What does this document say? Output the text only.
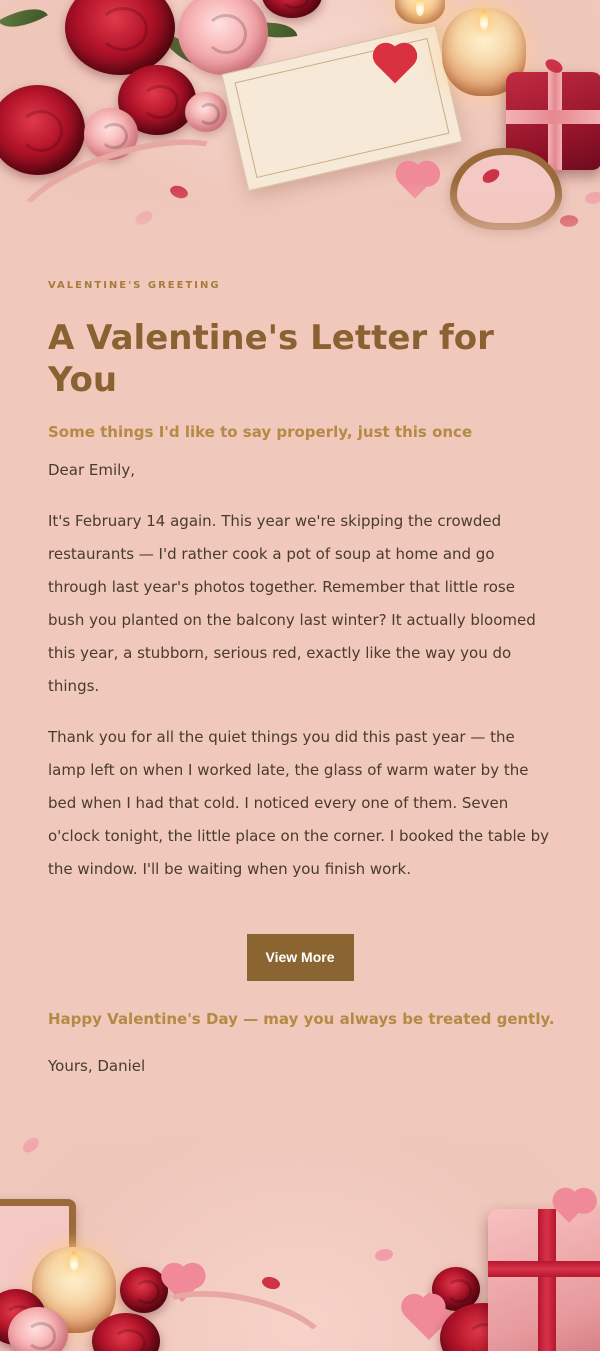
VALENTINE'S GREETING
A Valentine's Letter for You
Some things I'd like to say properly, just this once
Dear Emily,
It's February 14 again. This year we're skipping the crowded restaurants — I'd rather cook a pot of soup at home and go through last year's photos together. Remember that little rose bush you planted on the balcony last winter? It actually bloomed this year, a stubborn, serious red, exactly like the way you do things.
Thank you for all the quiet things you did this past year — the lamp left on when I worked late, the glass of warm water by the bed when I had that cold. I noticed every one of them. Seven o'clock tonight, the little place on the corner. I booked the table by the window. I'll be waiting when you finish work.
View More
Happy Valentine's Day — may you always be treated gently.
Yours, Daniel
